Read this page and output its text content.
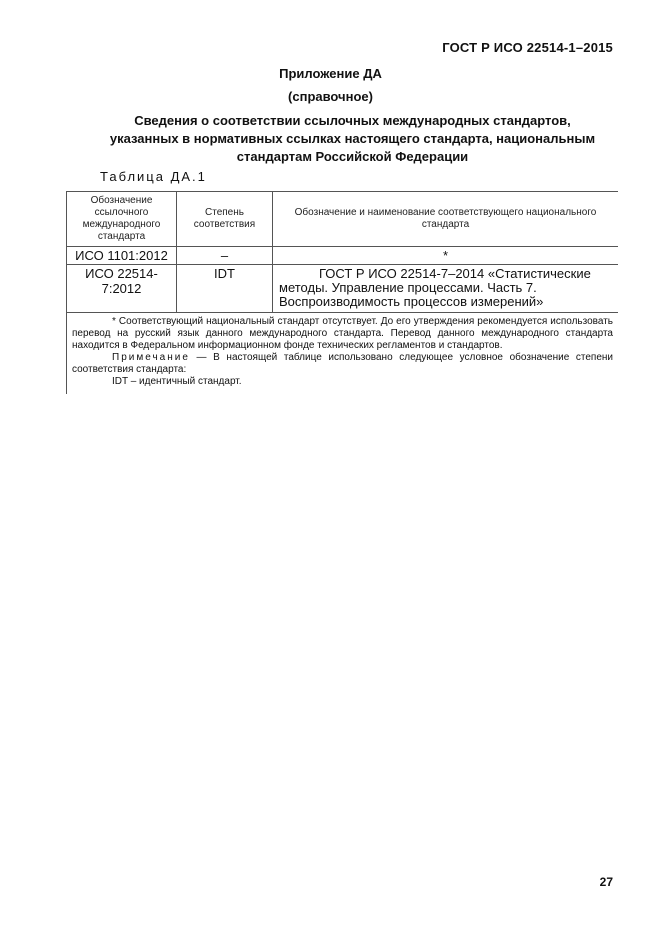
ГОСТ Р ИСО 22514-1–2015
Приложение ДА
(справочное)
Сведения о соответствии ссылочных международных стандартов,
указанных в нормативных ссылках настоящего стандарта, национальным
стандартам Российской Федерации
Таблица ДА.1
Обозначение ссылочного международного стандарта	Степень соответствия	Обозначение и наименование соответствующего национального стандарта
ИСО 1101:2012	–	*
ИСО 22514-7:2012	IDT	ГОСТ Р ИСО 22514-7–2014 «Статистические методы. Управление процессами. Часть 7. Воспроизводимость процессов измерений»

* Соответствующий национальный стандарт отсутствует. До его утверждения рекомендуется использовать перевод на русский язык данного международного стандарта. Перевод данного международного стандарта находится в Федеральном информационном фонде технических регламентов и стандартов.
Примечание — В настоящей таблице использовано следующее условное обозначение степени соответствия стандарта:
IDT – идентичный стандарт.		
27
